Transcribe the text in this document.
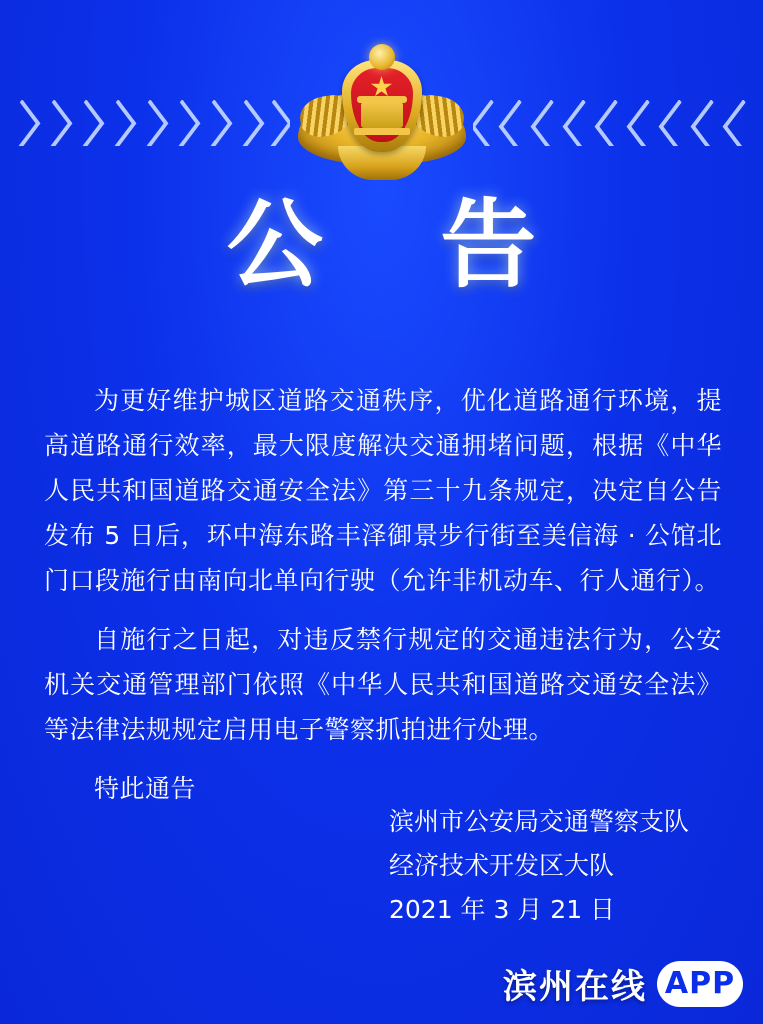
公 告

为更好维护城区道路交通秩序，优化道路通行环境，提高道路通行效率，最大限度解决交通拥堵问题，根据《中华人民共和国道路交通安全法》第三十九条规定，决定自公告发布 5 日后，环中海东路丰泽御景步行街至美信海 · 公馆北门口段施行由南向北单向行驶（允许非机动车、行人通行）。

自施行之日起，对违反禁行规定的交通违法行为，公安机关交通管理部门依照《中华人民共和国道路交通安全法》等法律法规规定启用电子警察抓拍进行处理。

特此通告

滨州市公安局交通警察支队
经济技术开发区大队
2021 年 3 月 21 日
滨州在线 APP
